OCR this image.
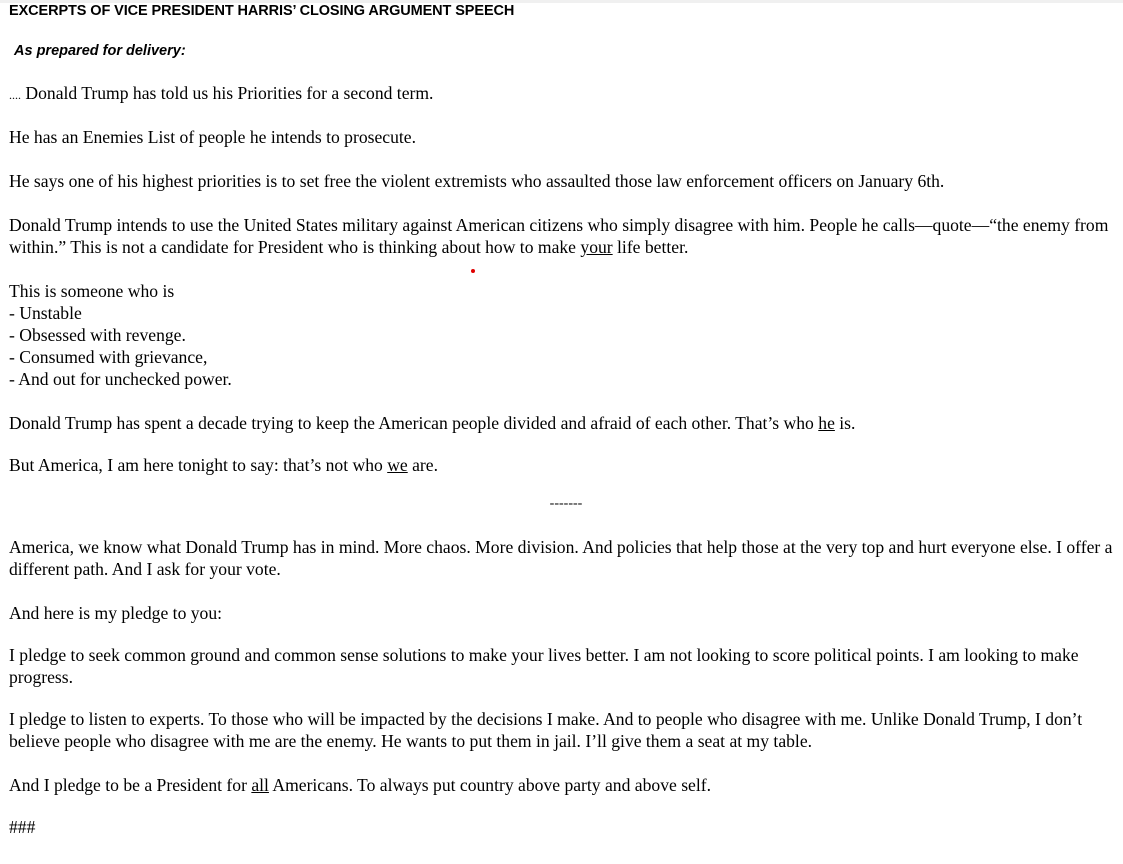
EXCERPTS OF VICE PRESIDENT HARRIS’ CLOSING ARGUMENT SPEECH
As prepared for delivery:

.... Donald Trump has told us his Priorities for a second term.

He has an Enemies List of people he intends to prosecute.

He says one of his highest priorities is to set free the violent extremists who assaulted those law enforcement officers on January 6th.

Donald Trump intends to use the United States military against American citizens who simply disagree with him. People he calls—quote—“the enemy from within.” This is not a candidate for President who is thinking about how to make your life better.

This is someone who is

- Unstable

- Obsessed with revenge.

- Consumed with grievance,

- And out for unchecked power.

Donald Trump has spent a decade trying to keep the American people divided and afraid of each other. That’s who he is.

But America, I am here tonight to say: that’s not who we are.

-------

America, we know what Donald Trump has in mind. More chaos. More division. And policies that help those at the very top and hurt everyone else. I offer a different path. And I ask for your vote.

And here is my pledge to you:

I pledge to seek common ground and common sense solutions to make your lives better. I am not looking to score political points. I am looking to make progress.

I pledge to listen to experts. To those who will be impacted by the decisions I make. And to people who disagree with me. Unlike Donald Trump, I don’t believe people who disagree with me are the enemy. He wants to put them in jail. I’ll give them a seat at my table.

And I pledge to be a President for all Americans. To always put country above party and above self.

###
